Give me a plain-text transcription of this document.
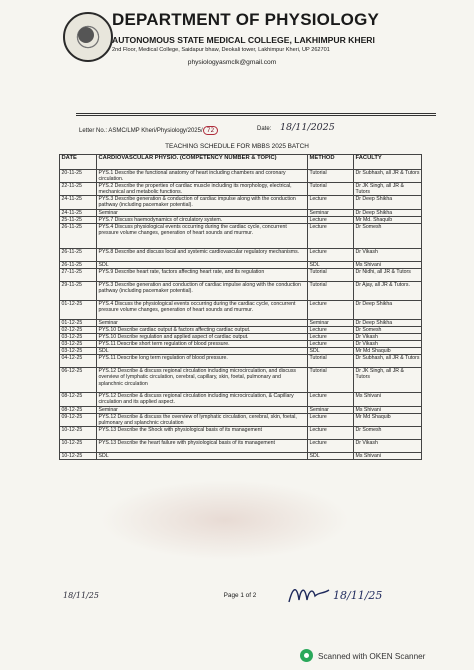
DEPARTMENT OF PHYSIOLOGY
AUTONOMOUS STATE MEDICAL COLLEGE, LAKHIMPUR KHERI
2nd Floor, Medical College, Saidapur bhaw, Deokali tower, Lakhimpur Kheri, UP 262701
physiologyasmclk@gmail.com
Letter No.: ASMC/LMP Kheri/Physiology/2025/ 72	Date: 18/11/2025
TEACHING SCHEDULE FOR MBBS 2025 BATCH
DATE	CARDIOVASCULAR PHYSIO. (COMPETENCY NUMBER & TOPIC)	METHOD	FACULTY
20-11-25	PYS.1 Describe the functional anatomy of heart including chambers and coronary circulation.	Tutorial	Dr Subhash, all JR & Tutors
22-11-25	PYS.2 Describe the properties of cardiac muscle including its morphology, electrical, mechanical and metabolic functions.	Tutorial	Dr JK Singh, all JR & Tutors
24-11-25	PYS.3 Describe generation & conduction of cardiac impulse along with the conduction pathway (including pacemaker potential).	Lecture	Dr Deep Shikha
24-11-25	Seminar	Seminar	Dr Deep Shikha
25-11-25	PYS.7 Discuss haemodynamics of circulatory system.	Lecture	Mr Md. Shaquib
26-11-25	PYS.4 Discuss physiological events occurring during the cardiac cycle, concurrent pressure volume changes, generation of heart sounds and murmur.	Lecture	Dr Somesh
26-11-25	PYS.8 Describe and discuss local and systemic cardiovascular regulatory mechanisms.	Lecture	Dr Vikash
26-11-25	SDL	SDL	Ms Shivani
27-11-25	PYS.9 Describe heart rate, factors affecting heart rate, and its regulation	Tutorial	Dr Nidhi, all JR & Tutors
29-11-25	PYS.3 Describe generation and conduction of cardiac impulse along with the conduction pathway (including pacemaker potential).	Tutorial	Dr Ajay, all JR & Tutors.
01-12-25	PYS.4 Discuss the physiological events occurring during the cardiac cycle, concurrent pressure volume changes, generation of heart sounds and murmur.	Lecture	Dr Deep Shikha
01-12-25	Seminar	Seminar	Dr Deep Shikha
02-12-25	PYS.10 Describe cardiac output & factors affecting cardiac output.	Lecture	Dr Somesh
03-12-25	PYS.10 Describe regulation and applied aspect of cardiac output.	Lecture	Dr Vikash
03-12-25	PYS.11 Describe short term regulation of blood pressure.	Lecture	Dr Vikash
03-12-25	SDL	SDL	Mr Md Shaquib
04-12-25	PYS.11 Describe long term regulation of blood pressure.	Tutorial	Dr Subhash, all JR & Tutors
06-12-25	PYS.12 Describe & discuss regional circulation including microcirculation, and discuss overview of lymphatic circulation, cerebral, capillary, skin, foetal, pulmonary and splanchnic circulation	Tutorial	Dr JK Singh, all JR & Tutors
08-12-25	PYS.12 Describe & discuss regional circulation including microcirculation, & Capillary circulation and its applied aspect.	Lecture	Ms Shivani
08-12-25	Seminar	Seminar	Ms Shivani
09-12-25	PYS.12 Describe & discuss the overview of lymphatic circulation, cerebral, skin, foetal, pulmonary and splanchnic circulation	Lecture	Mr Md Shaquib
10-12-25	PYS.13 Describe the Shock with physiological basis of its management	Lecture	Dr Somesh
10-12-25	PYS.13 Describe the heart failure with physiological basis of its management	Lecture	Dr Vikash
10-12-25	SDL	SDL	Ms Shivani
18/11/25	Page 1 of 2	18/11/25
Scanned with OKEN Scanner
